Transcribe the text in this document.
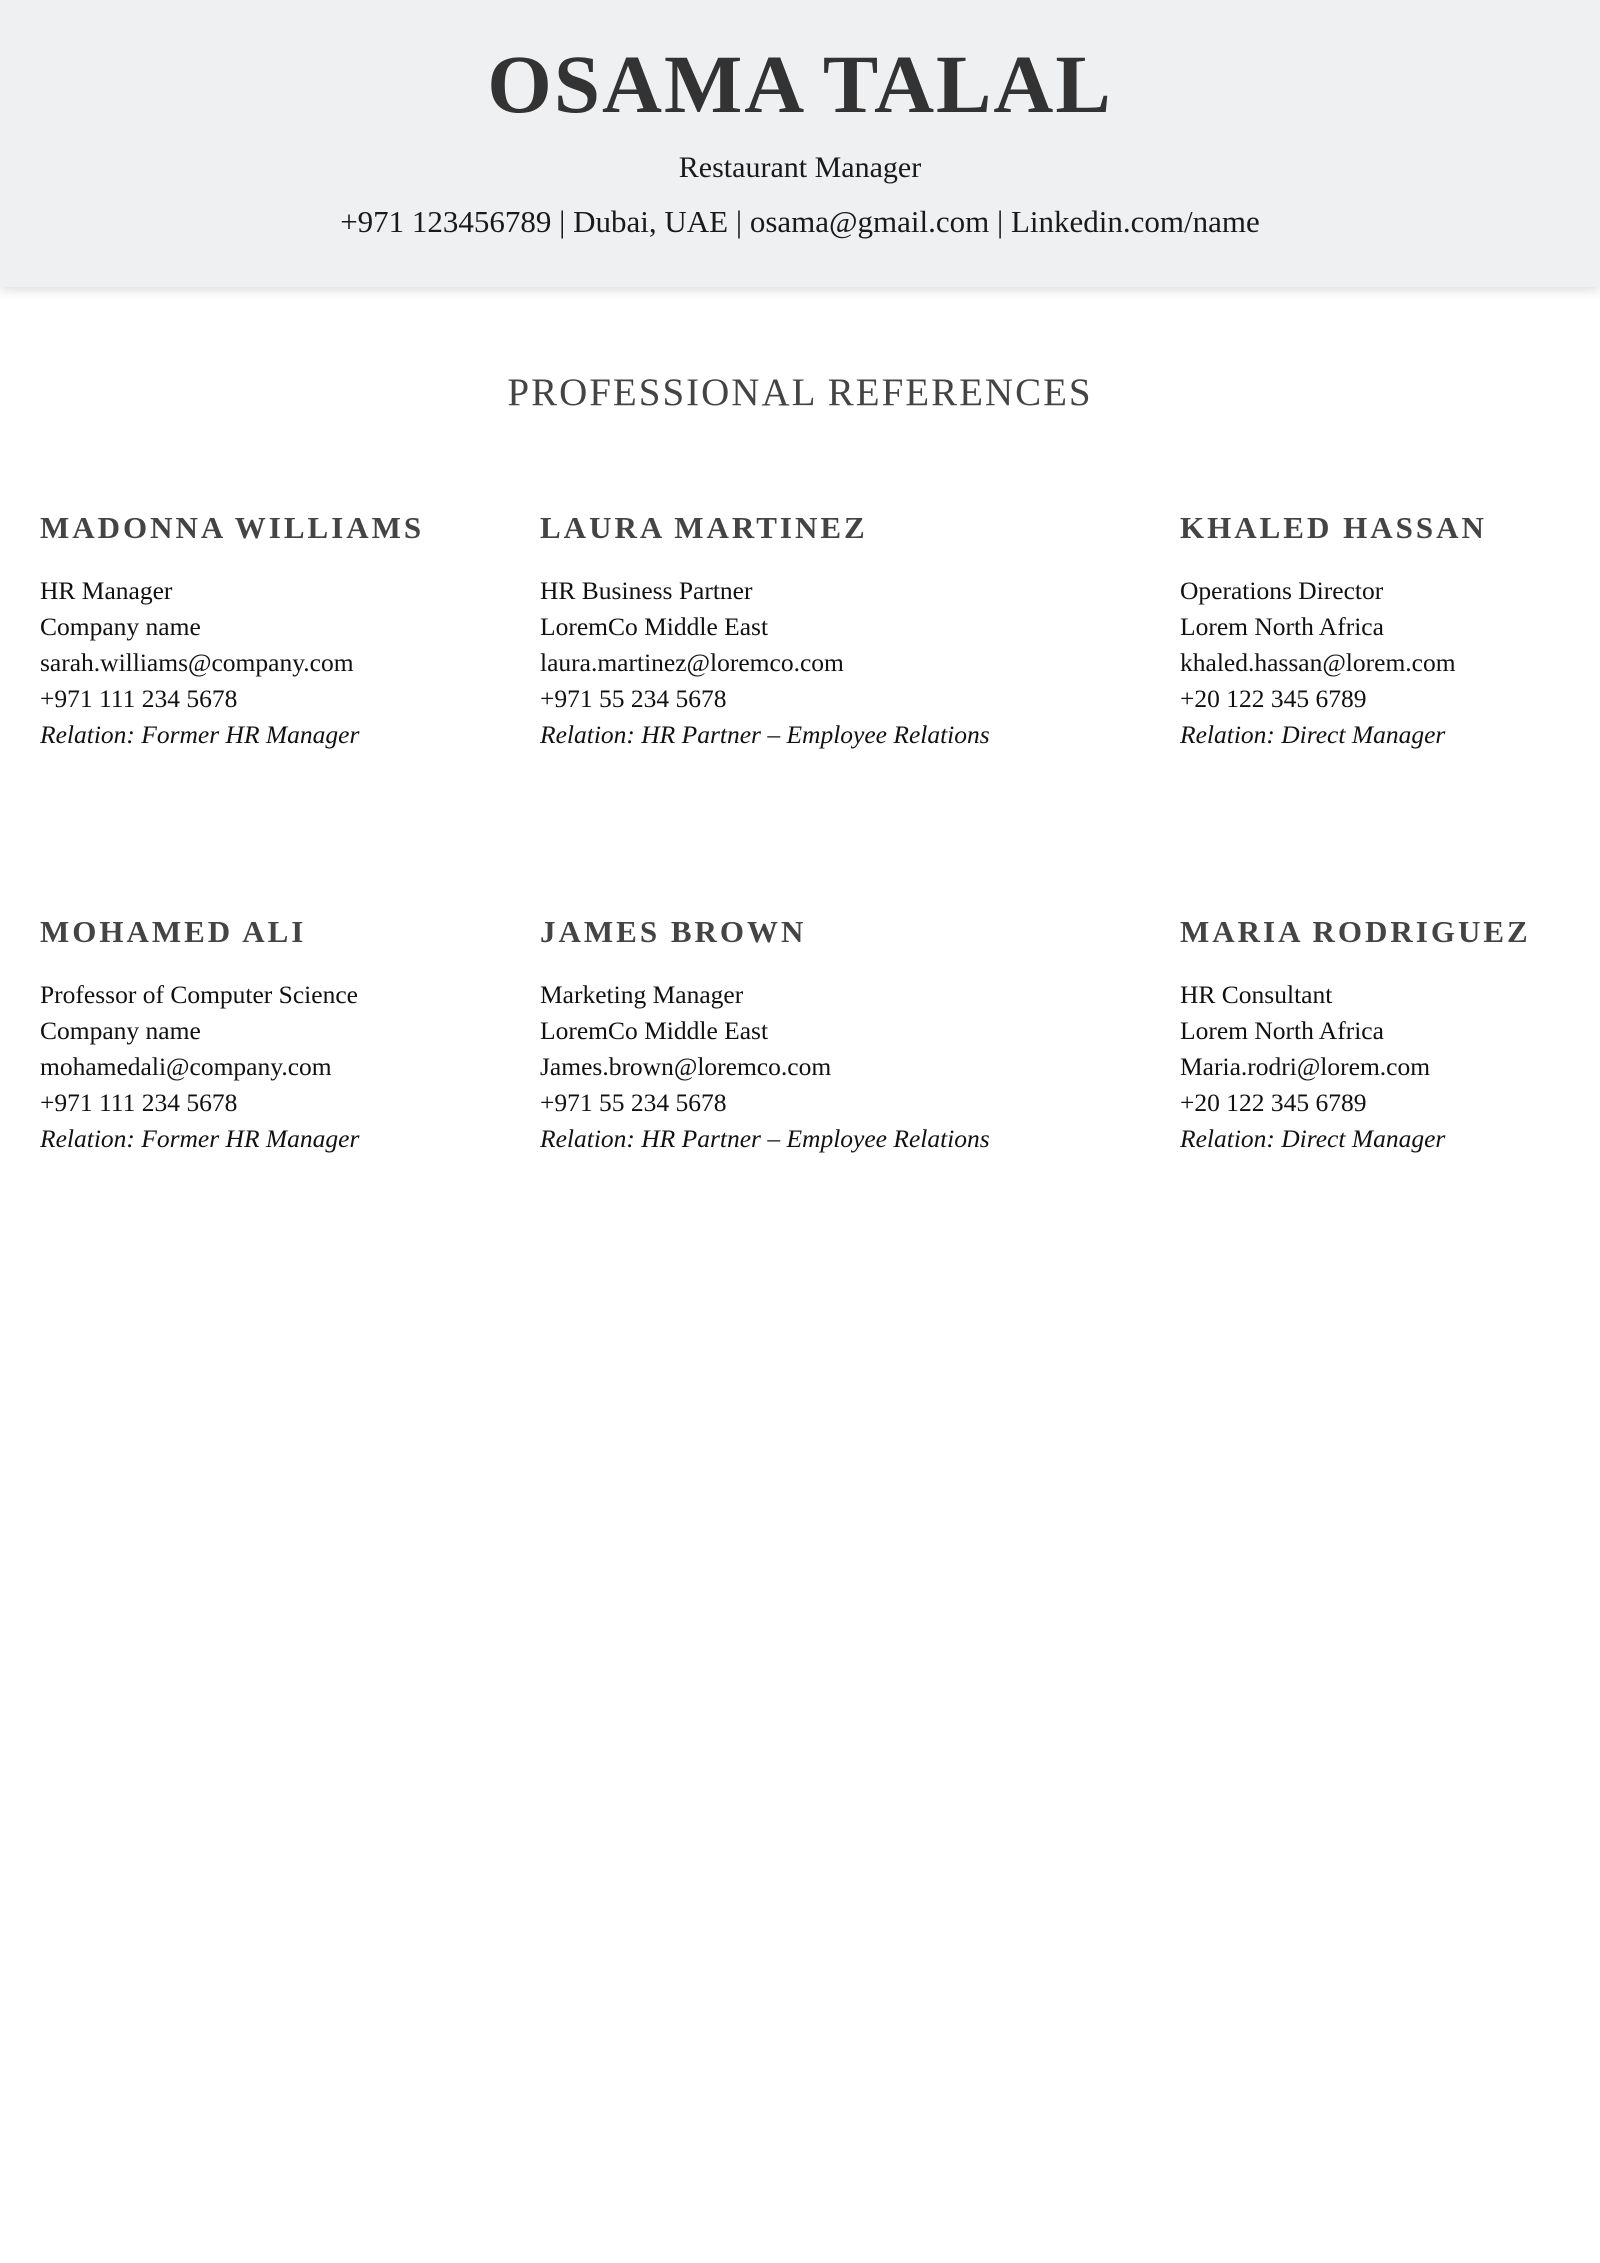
OSAMA TALAL
Restaurant Manager
+971 123456789 | Dubai, UAE | osama@gmail.com | Linkedin.com/name
PROFESSIONAL REFERENCES
MADONNA WILLIAMS
HR Manager
Company name
sarah.williams@company.com
+971 111 234 5678
Relation: Former HR Manager
LAURA MARTINEZ
HR Business Partner
LoremCo Middle East
laura.martinez@loremco.com
+971 55 234 5678
Relation: HR Partner – Employee Relations
KHALED HASSAN
Operations Director
Lorem North Africa
khaled.hassan@lorem.com
+20 122 345 6789
Relation: Direct Manager
MOHAMED ALI
Professor of Computer Science
Company name
mohamedali@company.com
+971 111 234 5678
Relation: Former HR Manager
JAMES BROWN
Marketing Manager
LoremCo Middle East
James.brown@loremco.com
+971 55 234 5678
Relation: HR Partner – Employee Relations
MARIA RODRIGUEZ
HR Consultant
Lorem North Africa
Maria.rodri@lorem.com
+20 122 345 6789
Relation: Direct Manager
